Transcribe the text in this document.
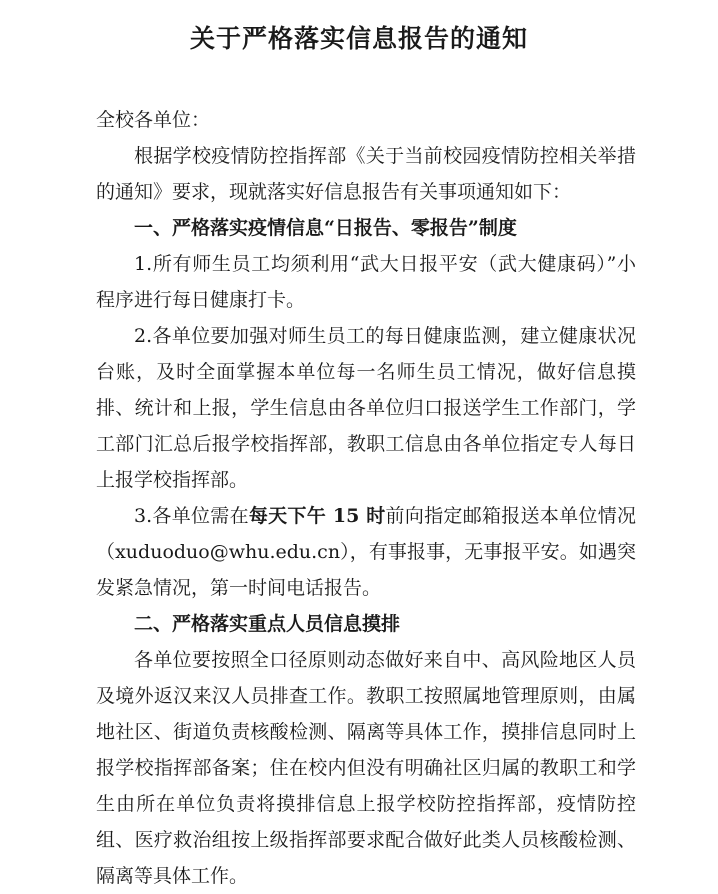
关于严格落实信息报告的通知

全校各单位：

根据学校疫情防控指挥部《关于当前校园疫情防控相关举措的通知》要求，现就落实好信息报告有关事项通知如下：

一、严格落实疫情信息“日报告、零报告”制度

1.所有师生员工均须利用“武大日报平安（武大健康码）”小程序进行每日健康打卡。

2.各单位要加强对师生员工的每日健康监测，建立健康状况台账，及时全面掌握本单位每一名师生员工情况，做好信息摸排、统计和上报，学生信息由各单位归口报送学生工作部门，学工部门汇总后报学校指挥部，教职工信息由各单位指定专人每日上报学校指挥部。

3.各单位需在每天下午 15 时前向指定邮箱报送本单位情况（xuduoduo@whu.edu.cn），有事报事，无事报平安。如遇突发紧急情况，第一时间电话报告。

二、严格落实重点人员信息摸排

各单位要按照全口径原则动态做好来自中、高风险地区人员及境外返汉来汉人员排查工作。教职工按照属地管理原则，由属地社区、街道负责核酸检测、隔离等具体工作，摸排信息同时上报学校指挥部备案；住在校内但没有明确社区归属的教职工和学生由所在单位负责将摸排信息上报学校防控指挥部，疫情防控组、医疗救治组按上级指挥部要求配合做好此类人员核酸检测、隔离等具体工作。
